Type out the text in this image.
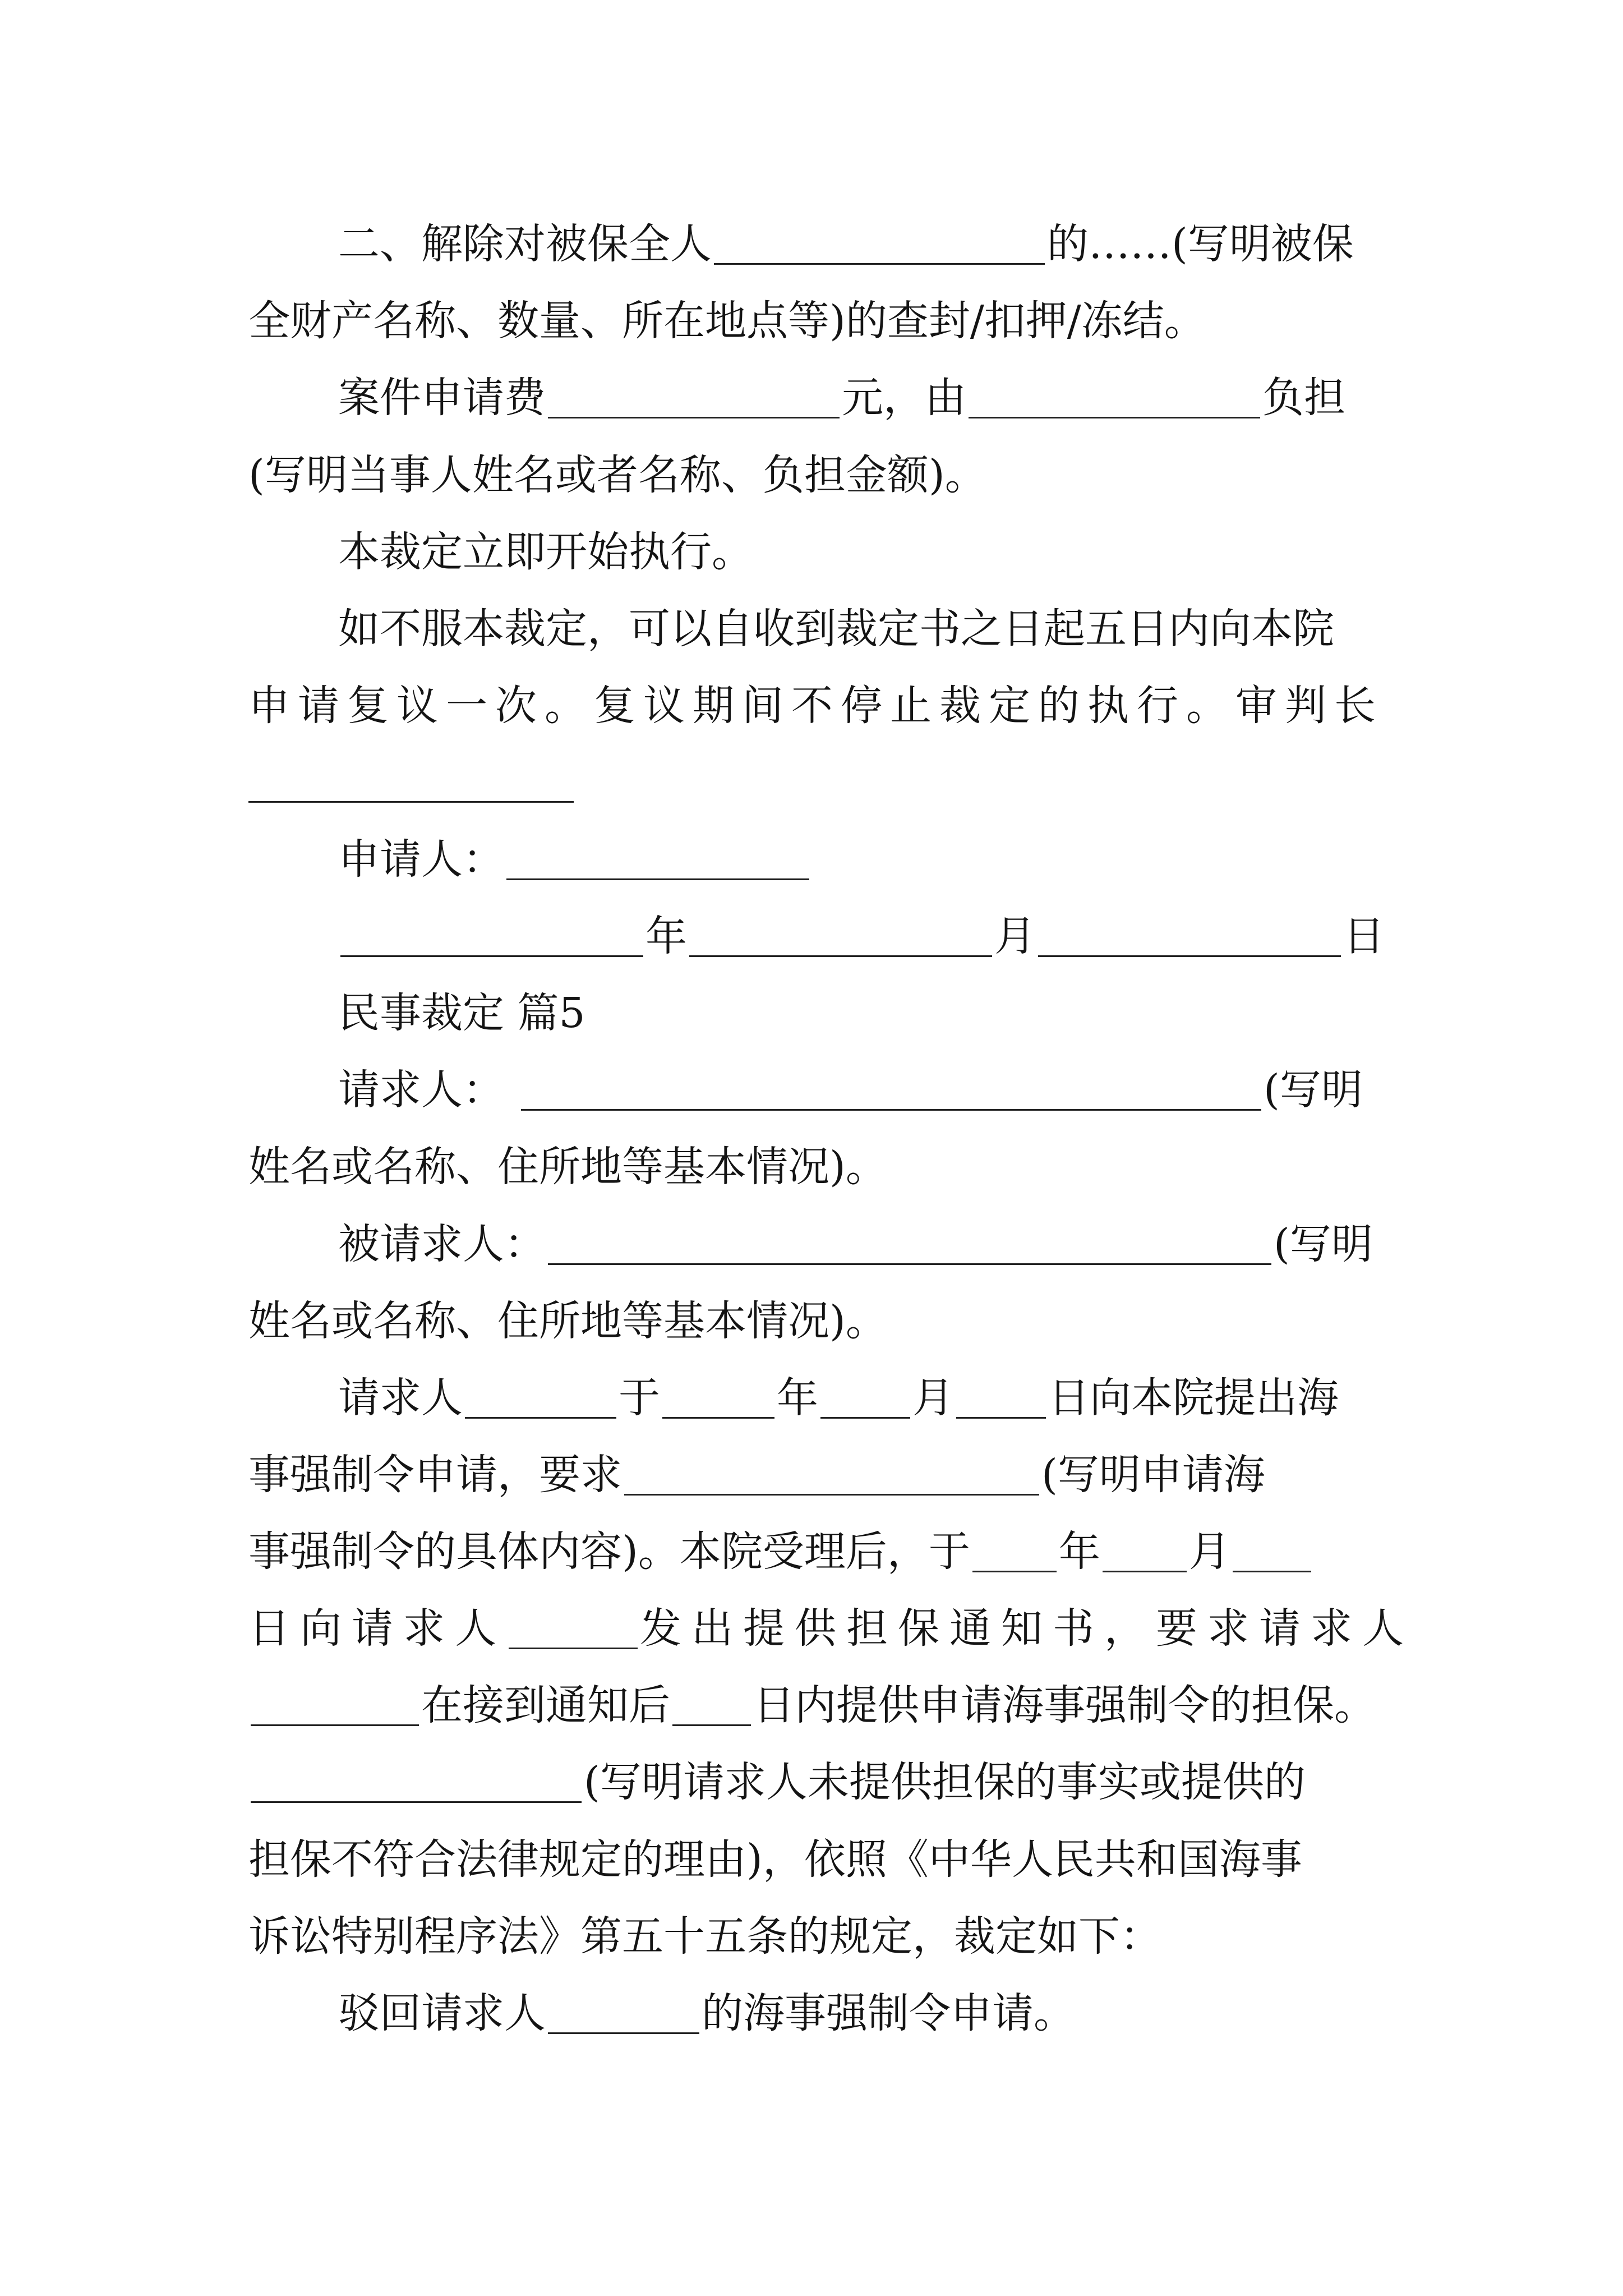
二、解除对被保全人	的……(写明被保
全财产名称、数量、所在地点等)的查封/扣押/冻结。
案件申请费	元，由	负担
(写明当事人姓名或者名称、负担金额)。
本裁定立即开始执行。
如不服本裁定，可以自收到裁定书之日起五日内向本院
申请复议一次。复议期间不停止裁定的执行。审判长
申请人：
年	月	日
民事裁定 篇5
请求人：	(写明
姓名或名称、住所地等基本情况)。
被请求人：	(写明
姓名或名称、住所地等基本情况)。
请求人	于	年 月 日向本院提出海
事强制令申请，要求	(写明申请海
事强制令的具体内容)。本院受理后，于 年 月
日向请求人	发出提供担保通知书，要求请求人
在接到通知后 日内提供申请海事强制令的担保。
(写明请求人未提供担保的事实或提供的
担保不符合法律规定的理由)，依照《中华人民共和国海事
诉讼特别程序法》第五十五条的规定，裁定如下：
驳回请求人	的海事强制令申请。
